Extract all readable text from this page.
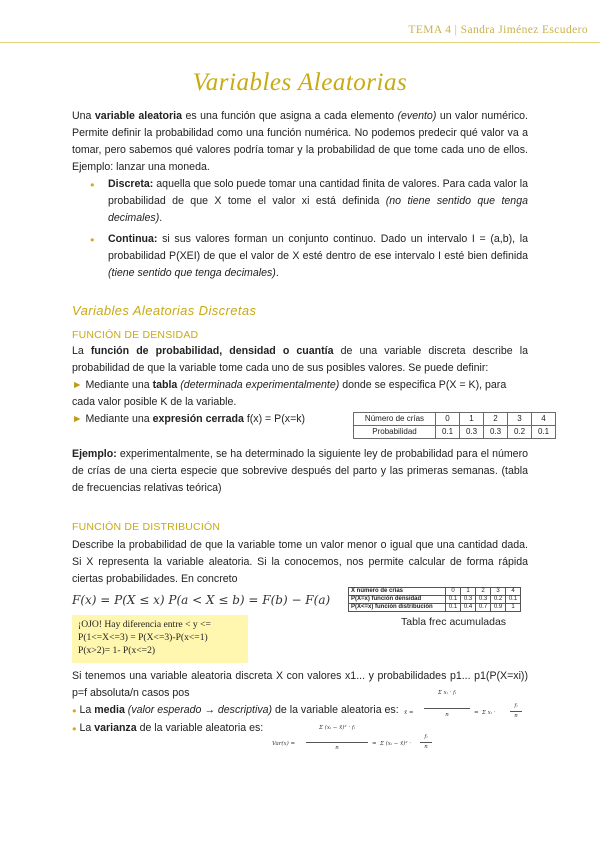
TEMA 4 | Sandra Jiménez Escudero
Variables Aleatorias
Una variable aleatoria es una función que asigna a cada elemento (evento) un valor numérico. Permite definir la probabilidad como una función numérica. No podemos predecir qué valor va a tomar, pero sabemos qué valores podría tomar y la probabilidad de que tome cada uno de ellos. Ejemplo: lanzar una moneda.
● Discreta: aquella que solo puede tomar una cantidad finita de valores. Para cada valor la probabilidad de que X tome el valor xi está definida (no tiene sentido que tenga decimales).
● Continua: si sus valores forman un conjunto continuo. Dado un intervalo I = (a,b), la probabilidad P(XEI) de que el valor de X esté dentro de ese intervalo I esté bien definida (tiene sentido que tenga decimales).
Variables Aleatorias Discretas
FUNCIÓN DE DENSIDAD
La función de probabilidad, densidad o cuantía de una variable discreta describe la probabilidad de que la variable tome cada uno de sus posibles valores. Se puede definir:
► Mediante una tabla (determinada experimentalmente) donde se especifica P(X = K), para cada valor posible K de la variable.
► Mediante una expresión cerrada f(x) = P(x=k)	Número de crías	0	1	2	3	4
Probabilidad	0.1	0.3	0.3	0.2	0.1
Ejemplo: experimentalmente, se ha determinado la siguiente ley de probabilidad para el número de crías de una cierta especie que sobrevive después del parto y las primeras semanas. (tabla de frecuencias relativas teórica)
FUNCIÓN DE DISTRIBUCIÓN
Describe la probabilidad de que la variable tome un valor menor o igual que una cantidad dada. Si X representa la variable aleatoria. Si la conocemos, nos permite calcular de forma rápida ciertas probabilidades. En concreto
F(x) = P(X ≤ x) P(a < X ≤ b) = F(b) − F(a)
¡OJO! Hay diferencia entre < y <=
P(1<=X<=3) = P(X<=3)-P(x<=1)
P(x>2)= 1- P(x<=2)
X número de crías	0	1	2	3	4
P(X=x) función densidad	0.1	0.3	0.3	0.2	0.1
P(X<=x) función distribución	0.1	0.4	0.7	0.9	1
Tabla frec acumuladas
Si tenemos una variable aleatoria discreta X con valores x1... y probabilidades p1... p1(P(X=xi)) p=f absoluta/n casos pos
● La media (valor esperado → descriptiva) de la variable aleatoria es:
● La varianza de la variable aleatoria es:
x̄ =
Σ xᵢ · fᵢ
n	= Σ xᵢ ·
fᵢ
n
Var(x) =
Σ (xᵢ − x̄)² · fᵢ
n
= Σ (xᵢ − x̄)² ·
fᵢ
n
